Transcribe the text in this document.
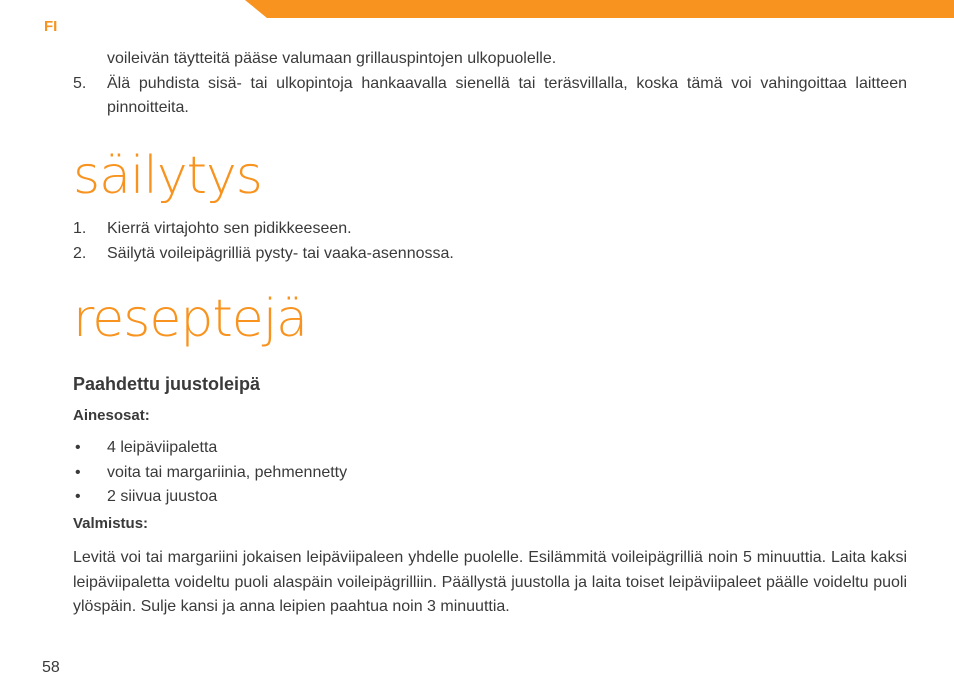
FI

voileivän täytteitä pääse valumaan grillauspintojen ulkopuolelle.

5. Älä puhdista sisä- tai ulkopintoja hankaavalla sienellä tai teräsvillalla, koska tämä voi vahingoittaa laitteen pinnoitteita.
säilytys
1. Kierrä virtajohto sen pidikkeeseen.
2. Säilytä voileipägrilliä pysty- tai vaaka-asennossa.
reseptejä
Paahdettu juustoleipä
Ainesosat:
• 4 leipäviipaletta
• voita tai margariinia, pehmennetty
• 2 siivua juustoa
Valmistus:

Levitä voi tai margariini jokaisen leipäviipaleen yhdelle puolelle. Esilämmitä voileipägrilliä noin 5 minuuttia. Laita kaksi leipäviipaletta voideltu puoli alaspäin voileipägrilliin. Päällystä juustolla ja laita toiset leipäviipaleet päälle voideltu puoli ylöspäin. Sulje kansi ja anna leipien paahtua noin 3 minuuttia.

58
